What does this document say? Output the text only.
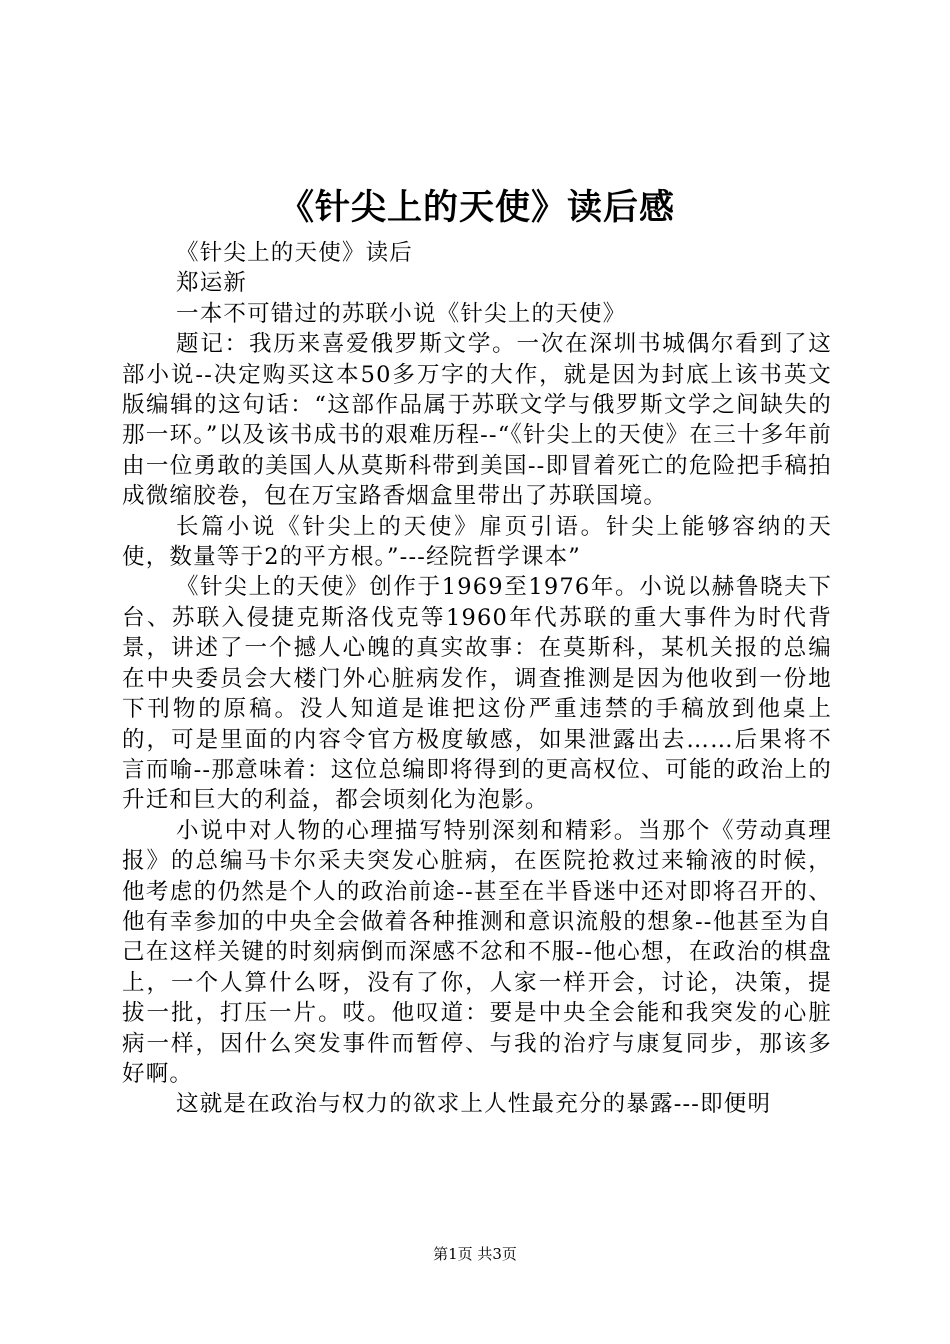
《针尖上的天使》读后感

《针尖上的天使》读后

郑运新

一本不可错过的苏联小说《针尖上的天使》

题记：我历来喜爱俄罗斯文学。一次在深圳书城偶尔看到了这部小说--决定购买这本50多万字的大作，就是因为封底上该书英文版编辑的这句话：“这部作品属于苏联文学与俄罗斯文学之间缺失的那一环。”以及该书成书的艰难历程--“《针尖上的天使》在三十多年前由一位勇敢的美国人从莫斯科带到美国--即冒着死亡的危险把手稿拍成微缩胶卷，包在万宝路香烟盒里带出了苏联国境。

长篇小说《针尖上的天使》扉页引语。针尖上能够容纳的天使，数量等于2的平方根。”---经院哲学课本”

《针尖上的天使》创作于1969至1976年。小说以赫鲁晓夫下台、苏联入侵捷克斯洛伐克等1960年代苏联的重大事件为时代背景，讲述了一个撼人心魄的真实故事：在莫斯科，某机关报的总编在中央委员会大楼门外心脏病发作，调查推测是因为他收到一份地下刊物的原稿。没人知道是谁把这份严重违禁的手稿放到他桌上的，可是里面的内容令官方极度敏感，如果泄露出去……后果将不言而喻--那意味着：这位总编即将得到的更高权位、可能的政治上的升迁和巨大的利益，都会顷刻化为泡影。

小说中对人物的心理描写特别深刻和精彩。当那个《劳动真理报》的总编马卡尔采夫突发心脏病，在医院抢救过来输液的时候，他考虑的仍然是个人的政治前途--甚至在半昏迷中还对即将召开的、他有幸参加的中央全会做着各种推测和意识流般的想象--他甚至为自己在这样关键的时刻病倒而深感不忿和不服--他心想，在政治的棋盘上，一个人算什么呀，没有了你，人家一样开会，讨论，决策，提拔一批，打压一片。哎。他叹道：要是中央全会能和我突发的心脏病一样，因什么突发事件而暂停、与我的治疗与康复同步，那该多好啊。

这就是在政治与权力的欲求上人性最充分的暴露---即便明

第1页 共3页
